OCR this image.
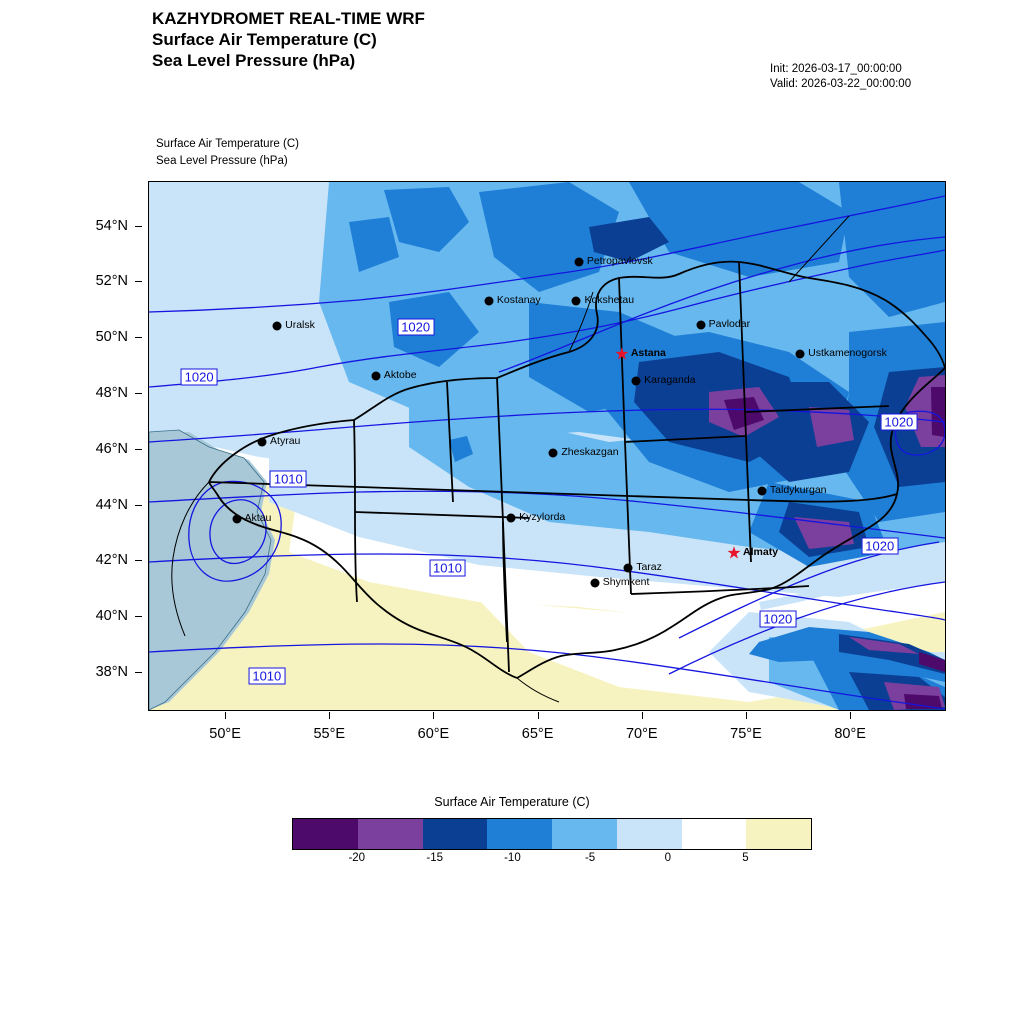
KAZHYDROMET REAL-TIME WRF
Surface Air Temperature (C)
Sea Level Pressure (hPa)	Init: 2026-03-17_00:00:00
Valid: 2026-03-22_00:00:00
Surface Air Temperature (C)
Sea Level Pressure (hPa)
Petropavlovsk
Kostanay	Kokshetau
Pavlodar
Uralsk
★ Astana	Ustkamenogorsk
Aktobe	Karaganda
Atyrau
Zheskazgan
Taldykurgan
Aktau	Kyzylorda
★ Almaty
Taraz
Shymkent
1020
1020
1020
1010
1010
1020
1010
1020
54°N
52°N
50°N
48°N
46°N
44°N
42°N
40°N
38°N
50°E	55°E	60°E	65°E	70°E	75°E	80°E
Surface Air Temperature (C)
-20	-15	-10	-5	0	5
